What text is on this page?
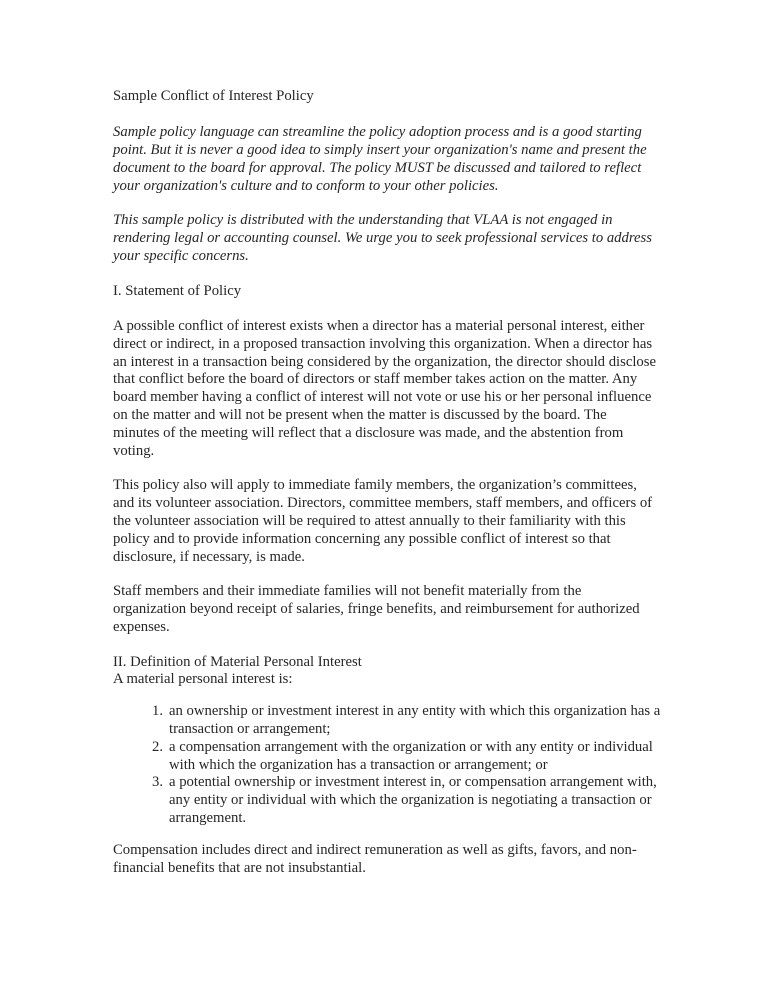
Sample Conflict of Interest Policy

Sample policy language can streamline the policy adoption process and is a good starting point. But it is never a good idea to simply insert your organization's name and present the document to the board for approval. The policy MUST be discussed and tailored to reflect your organization's culture and to conform to your other policies.

This sample policy is distributed with the understanding that VLAA is not engaged in rendering legal or accounting counsel. We urge you to seek professional services to address your specific concerns.

I. Statement of Policy

A possible conflict of interest exists when a director has a material personal interest, either direct or indirect, in a proposed transaction involving this organization. When a director has an interest in a transaction being considered by the organization, the director should disclose that conflict before the board of directors or staff member takes action on the matter. Any board member having a conflict of interest will not vote or use his or her personal influence on the matter and will not be present when the matter is discussed by the board. The minutes of the meeting will reflect that a disclosure was made, and the abstention from voting.

This policy also will apply to immediate family members, the organization’s committees, and its volunteer association. Directors, committee members, staff members, and officers of the volunteer association will be required to attest annually to their familiarity with this policy and to provide information concerning any possible conflict of interest so that disclosure, if necessary, is made.

Staff members and their immediate families will not benefit materially from the organization beyond receipt of salaries, fringe benefits, and reimbursement for authorized expenses.

II. Definition of Material Personal Interest

A material personal interest is:

1. an ownership or investment interest in any entity with which this organization has a transaction or arrangement;
2. a compensation arrangement with the organization or with any entity or individual with which the organization has a transaction or arrangement; or
3. a potential ownership or investment interest in, or compensation arrangement with, any entity or individual with which the organization is negotiating a transaction or arrangement.

Compensation includes direct and indirect remuneration as well as gifts, favors, and non-financial benefits that are not insubstantial.
